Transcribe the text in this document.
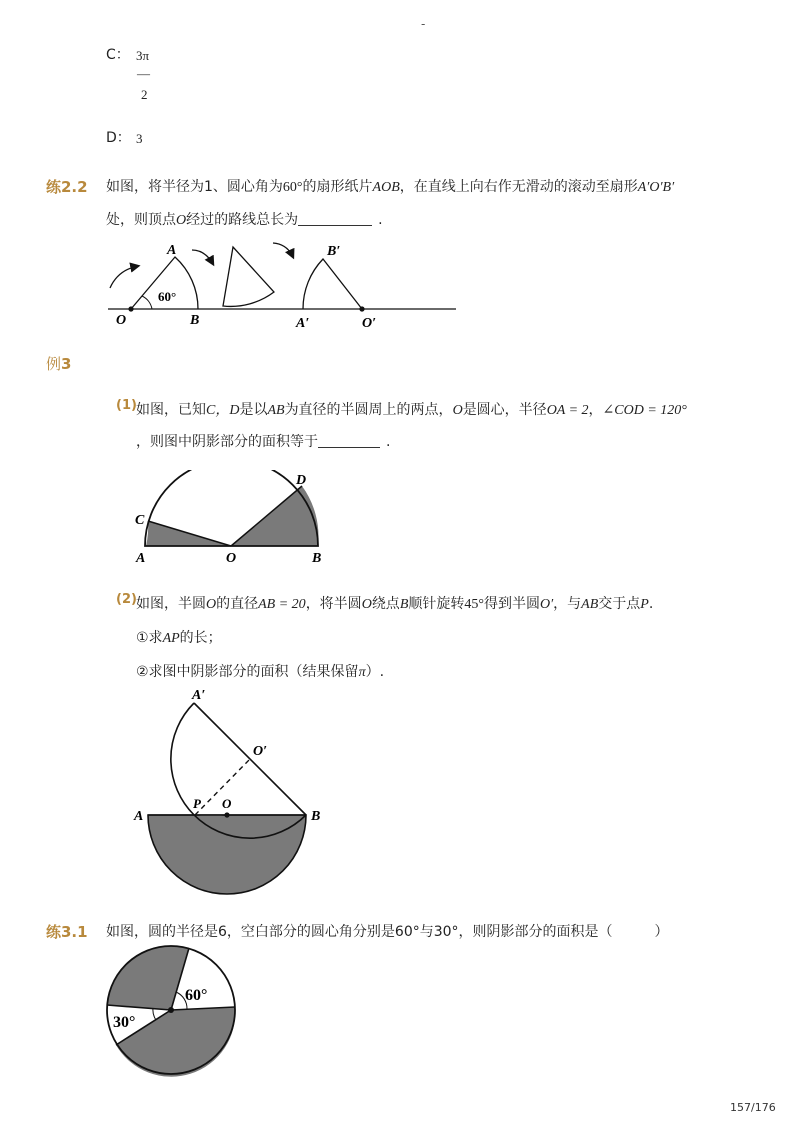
-
C： 3π
—
2
D： 3
练2.2 如图，将半径为1、圆心角为60°的扇形纸片AOB，在直线上向右作无滑动的滚动至扇形A′O′B′
处，则顶点O经过的路线总长为	.
A
B
O
60°
B′
A′	O′
例3
(1) 如图，已知C，D是以AB为直径的半圆周上的两点，O是圆心，半径OA = 2，∠COD = 120°
，则图中阴影部分的面积等于	.
A	O	B
C
D
(2) 如图，半圆O的直径AB = 20，将半圆O绕点B顺针旋转45°得到半圆O′，与AB交于点P.
①求AP的长；
②求图中阴影部分的面积（结果保留π）.
A′
O′
P O
A	B
练3.1 如图，圆的半径是6，空白部分的圆心角分别是60°与30°，则阴影部分的面积是（　　　）
60°
30°
157/176
